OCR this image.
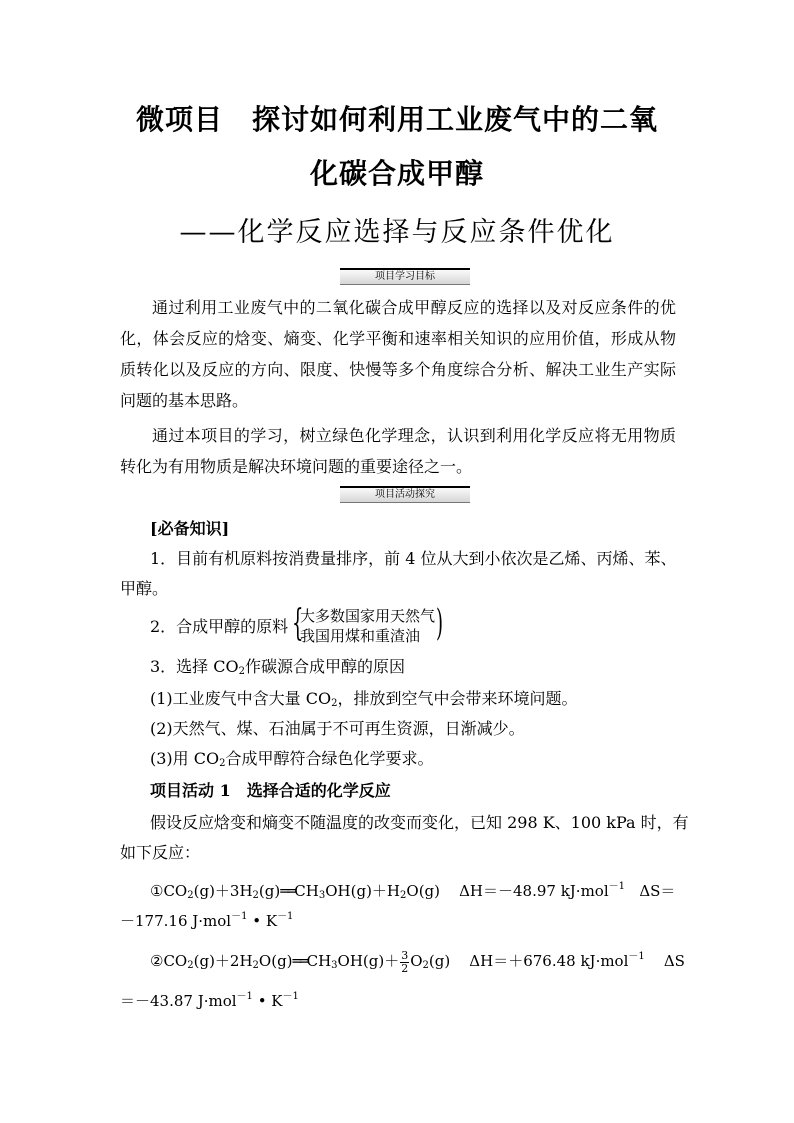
微项目　探讨如何利用工业废气中的二氧
化碳合成甲醇
——化学反应选择与反应条件优化
项目学习目标
通过利用工业废气中的二氧化碳合成甲醇反应的选择以及对反应条件的优化，体会反应的焓变、熵变、化学平衡和速率相关知识的应用价值，形成从物质转化以及反应的方向、限度、快慢等多个角度综合分析、解决工业生产实际问题的基本思路。
通过本项目的学习，树立绿色化学理念，认识到利用化学反应将无用物质转化为有用物质是解决环境问题的重要途径之一。
项目活动探究
[必备知识]
1．目前有机原料按消费量排序，前 4 位从大到小依次是乙烯、丙烯、苯、
甲醇。
2．合成甲醇的原料 {
大多数国家用天然气
我国用煤和重渣油 )
3．选择 $CO_2$作碳源合成甲醇的原因
(1)工业废气中含大量 $CO_2$，排放到空气中会带来环境问题。
(2)天然气、煤、石油属于不可再生资源，日渐减少。
(3)用 $CO_2$合成甲醇符合绿色化学要求。
项目活动 1　选择合适的化学反应
假设反应焓变和熵变不随温度的改变而变化，已知 298 K、100 kPa 时，有
如下反应：
$①CO_2(g)+3H_2(g)══CH_3OH(g)+H_2O(g)$    ΔH＝－48.97 kJ·mol$^{-1}$ ΔS＝
－177.16 J·mol$^{-1}$ • $K^{-1}$
$②CO_2(g)+2H_2O(g)══CH_3OH(g)+ \frac{3}{2} O_2(g)$    ΔH＝＋676.48 kJ·mol$^{-1}$ ΔS
＝－43.87 J·mol$^{-1}$ • $K^{-1}$
